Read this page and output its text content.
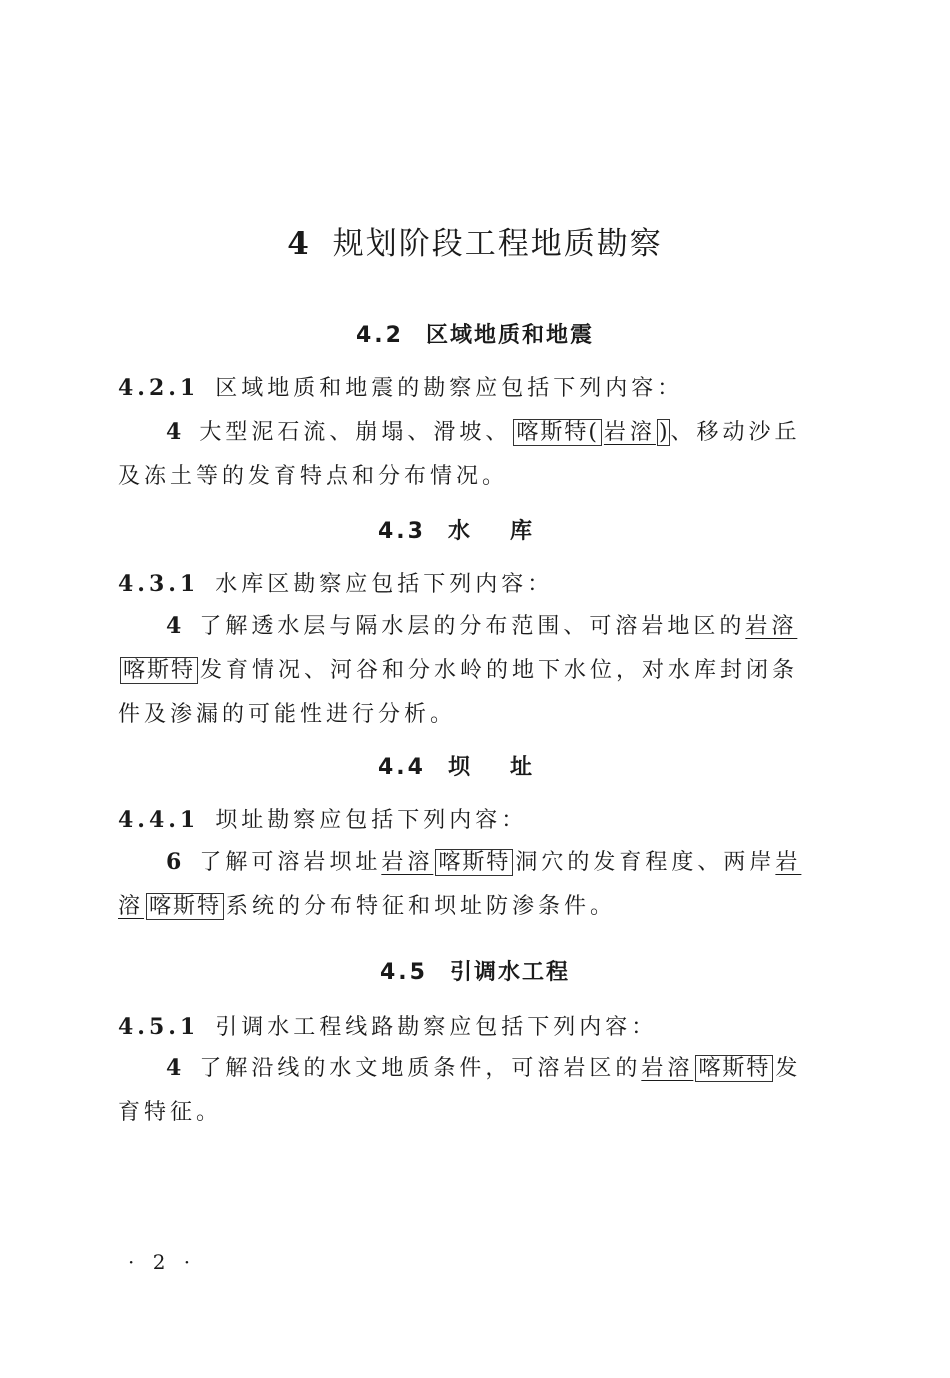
4 规划阶段工程地质勘察
4.2 区域地质和地震

4.2.1 区域地质和地震的勘察应包括下列内容：

4 大型泥石流、崩塌、滑坡、 喀斯特( 岩溶 ) 、移动沙丘及冻土等的发育特点和分布情况。

4.3 水库

4.3.1 水库区勘察应包括下列内容：

4 了解透水层与隔水层的分布范围、可溶岩地区的岩溶喀斯特 发育情况、河谷和分水岭的地下水位，对水库封闭条件及渗漏的可能性进行分析。

4.4 坝址

4.4.1 坝址勘察应包括下列内容：

6 了解可溶岩坝址岩溶 喀斯特 洞穴的发育程度、两岸岩溶 喀斯特 系统的分布特征和坝址防渗条件。

4.5 引调水工程

4.5.1 引调水工程线路勘察应包括下列内容：

4 了解沿线的水文地质条件，可溶岩区的岩溶 喀斯特 发育特征。

· 2 ·
